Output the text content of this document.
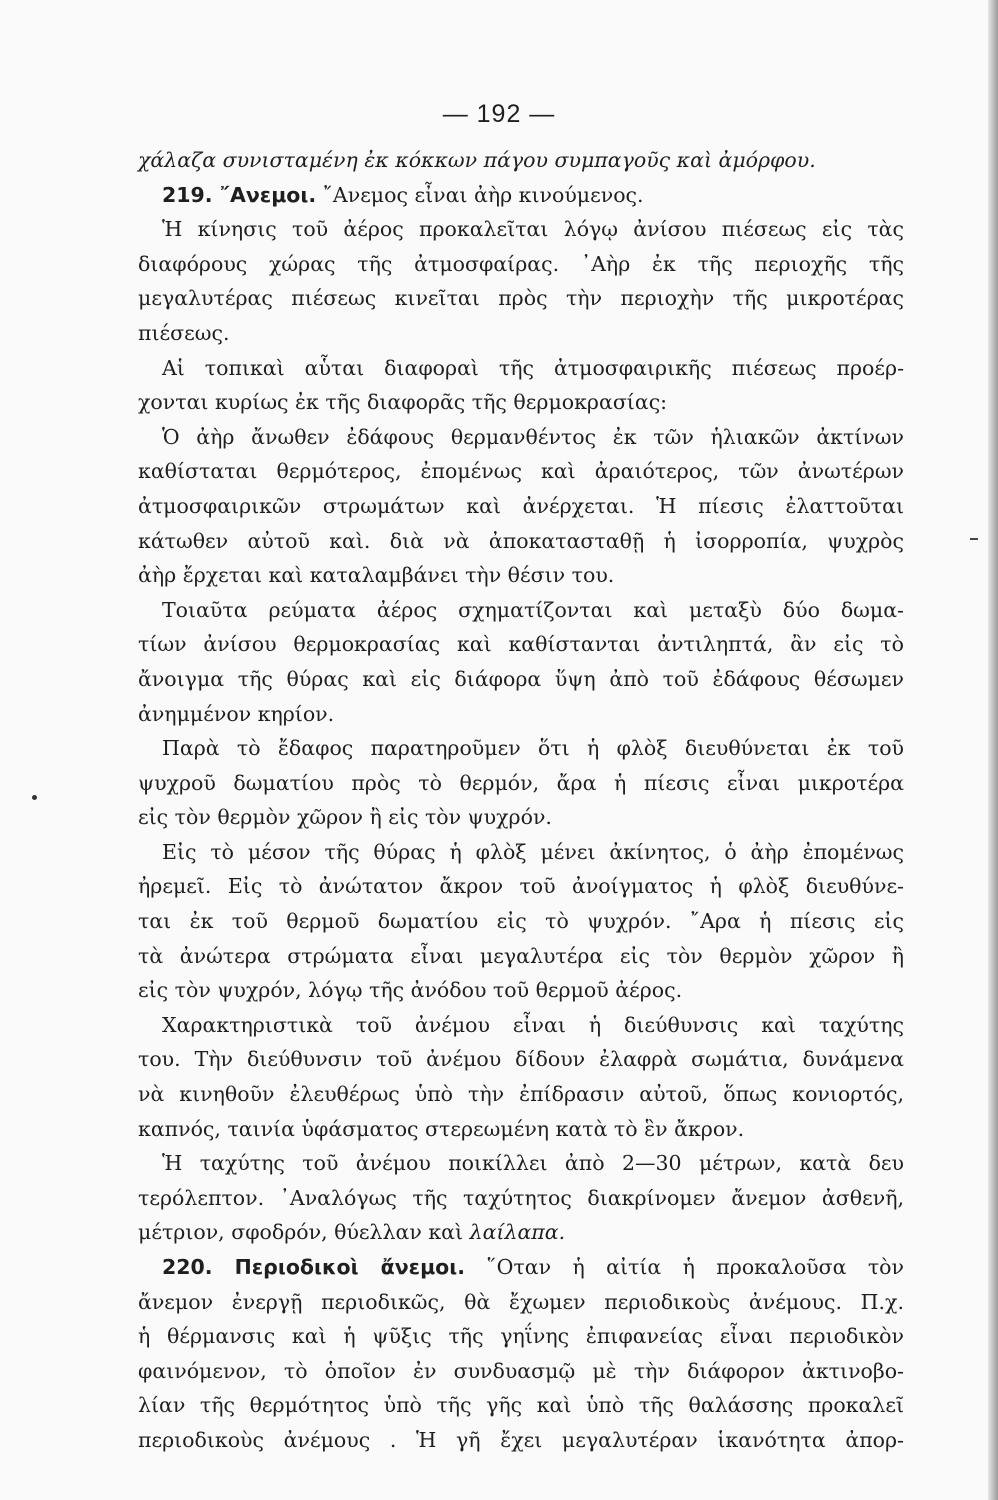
— 192 —
χάλαζα συνισταμένη ἐκ κόκκων πάγου συμπαγοῦς καὶ ἀμόρφου.
219. ῎Ανεμοι. ῎Ανεμος εἶναι ἀὴρ κινούμενος.
Ἡ κίνησις τοῦ ἀέρος προκαλεῖται λόγῳ ἀνίσου πιέσεως εἰς τὰς
διαφόρους χώρας τῆς ἀτμοσφαίρας. ᾿Αὴρ ἐκ τῆς περιοχῆς τῆς
μεγαλυτέρας πιέσεως κινεῖται πρὸς τὴν περιοχὴν τῆς μικροτέρας
πιέσεως.
Αἱ τοπικαὶ αὗται διαφοραὶ τῆς ἀτμοσφαιρικῆς πιέσεως προέρ-
χονται κυρίως ἐκ τῆς διαφορᾶς τῆς θερμοκρασίας:
Ὁ ἀὴρ ἄνωθεν ἐδάφους θερμανθέντος ἐκ τῶν ἡλιακῶν ἀκτίνων
καθίσταται θερμότερος, ἐπομένως καὶ ἀραιότερος, τῶν ἀνωτέρων
ἀτμοσφαιρικῶν στρωμάτων καὶ ἀνέρχεται. Ἡ πίεσις ἐλαττοῦται
κάτωθεν αὐτοῦ καὶ. διὰ νὰ ἀποκατασταθῇ ἡ ἰσορροπία, ψυχρὸς
ἀὴρ ἔρχεται καὶ καταλαμβάνει τὴν θέσιν του.
Τοιαῦτα ρεύματα ἀέρος σχηματίζονται καὶ μεταξὺ δύο δωμα-
τίων ἀνίσου θερμοκρασίας καὶ καθίστανται ἀντιληπτά, ἂν εἰς τὸ
ἄνοιγμα τῆς θύρας καὶ εἰς διάφορα ὕψη ἀπὸ τοῦ ἐδάφους θέσωμεν
ἀνημμένον κηρίον.
Παρὰ τὸ ἔδαφος παρατηροῦμεν ὅτι ἡ φλὸξ διευθύνεται ἐκ τοῦ
ψυχροῦ δωματίου πρὸς τὸ θερμόν, ἄρα ἡ πίεσις εἶναι μικροτέρα
εἰς τὸν θερμὸν χῶρον ἢ εἰς τὸν ψυχρόν.
Εἰς τὸ μέσον τῆς θύρας ἡ φλὸξ μένει ἀκίνητος, ὁ ἀὴρ ἐπομένως
ἠρεμεῖ. Εἰς τὸ ἀνώτατον ἄκρον τοῦ ἀνοίγματος ἡ φλὸξ διευθύνε-
ται ἐκ τοῦ θερμοῦ δωματίου εἰς τὸ ψυχρόν. ῎Αρα ἡ πίεσις εἰς
τὰ ἀνώτερα στρώματα εἶναι μεγαλυτέρα εἰς τὸν θερμὸν χῶρον ἢ
εἰς τὸν ψυχρόν, λόγῳ τῆς ἀνόδου τοῦ θερμοῦ ἀέρος.
Χαρακτηριστικὰ τοῦ ἀνέμου εἶναι ἡ διεύθυνσις καὶ ταχύτης
του. Τὴν διεύθυνσιν τοῦ ἀνέμου δίδουν ἐλαφρὰ σωμάτια, δυνάμενα
νὰ κινηθοῦν ἐλευθέρως ὑπὸ τὴν ἐπίδρασιν αὐτοῦ, ὅπως κονιορτός,
καπνός, ταινία ὑφάσματος στερεωμένη κατὰ τὸ ἓν ἄκρον.
Ἡ ταχύτης τοῦ ἀνέμου ποικίλλει ἀπὸ 2—30 μέτρων, κατὰ δευ
τερόλεπτον. ᾿Αναλόγως τῆς ταχύτητος διακρίνομεν ἄνεμον ἀσθενῆ,
μέτριον, σφοδρόν, θύελλαν καὶ λαίλαπα.
220. Περιοδικοὶ ἄνεμοι. ῞Οταν ἡ αἰτία ἡ προκαλοῦσα τὸν
ἄνεμον ἐνεργῇ περιοδικῶς, θὰ ἔχωμεν περιοδικοὺς ἀνέμους. Π.χ.
ἡ θέρμανσις καὶ ἡ ψῦξις τῆς γηΐνης ἐπιφανείας εἶναι περιοδικὸν
φαινόμενον, τὸ ὁποῖον ἐν συνδυασμῷ μὲ τὴν διάφορον ἀκτινοβο-
λίαν τῆς θερμότητος ὑπὸ τῆς γῆς καὶ ὑπὸ τῆς θαλάσσης προκαλεῖ
περιοδικοὺς ἀνέμους . Ἡ γῆ ἔχει μεγαλυτέραν ἱκανότητα ἀπορ-
